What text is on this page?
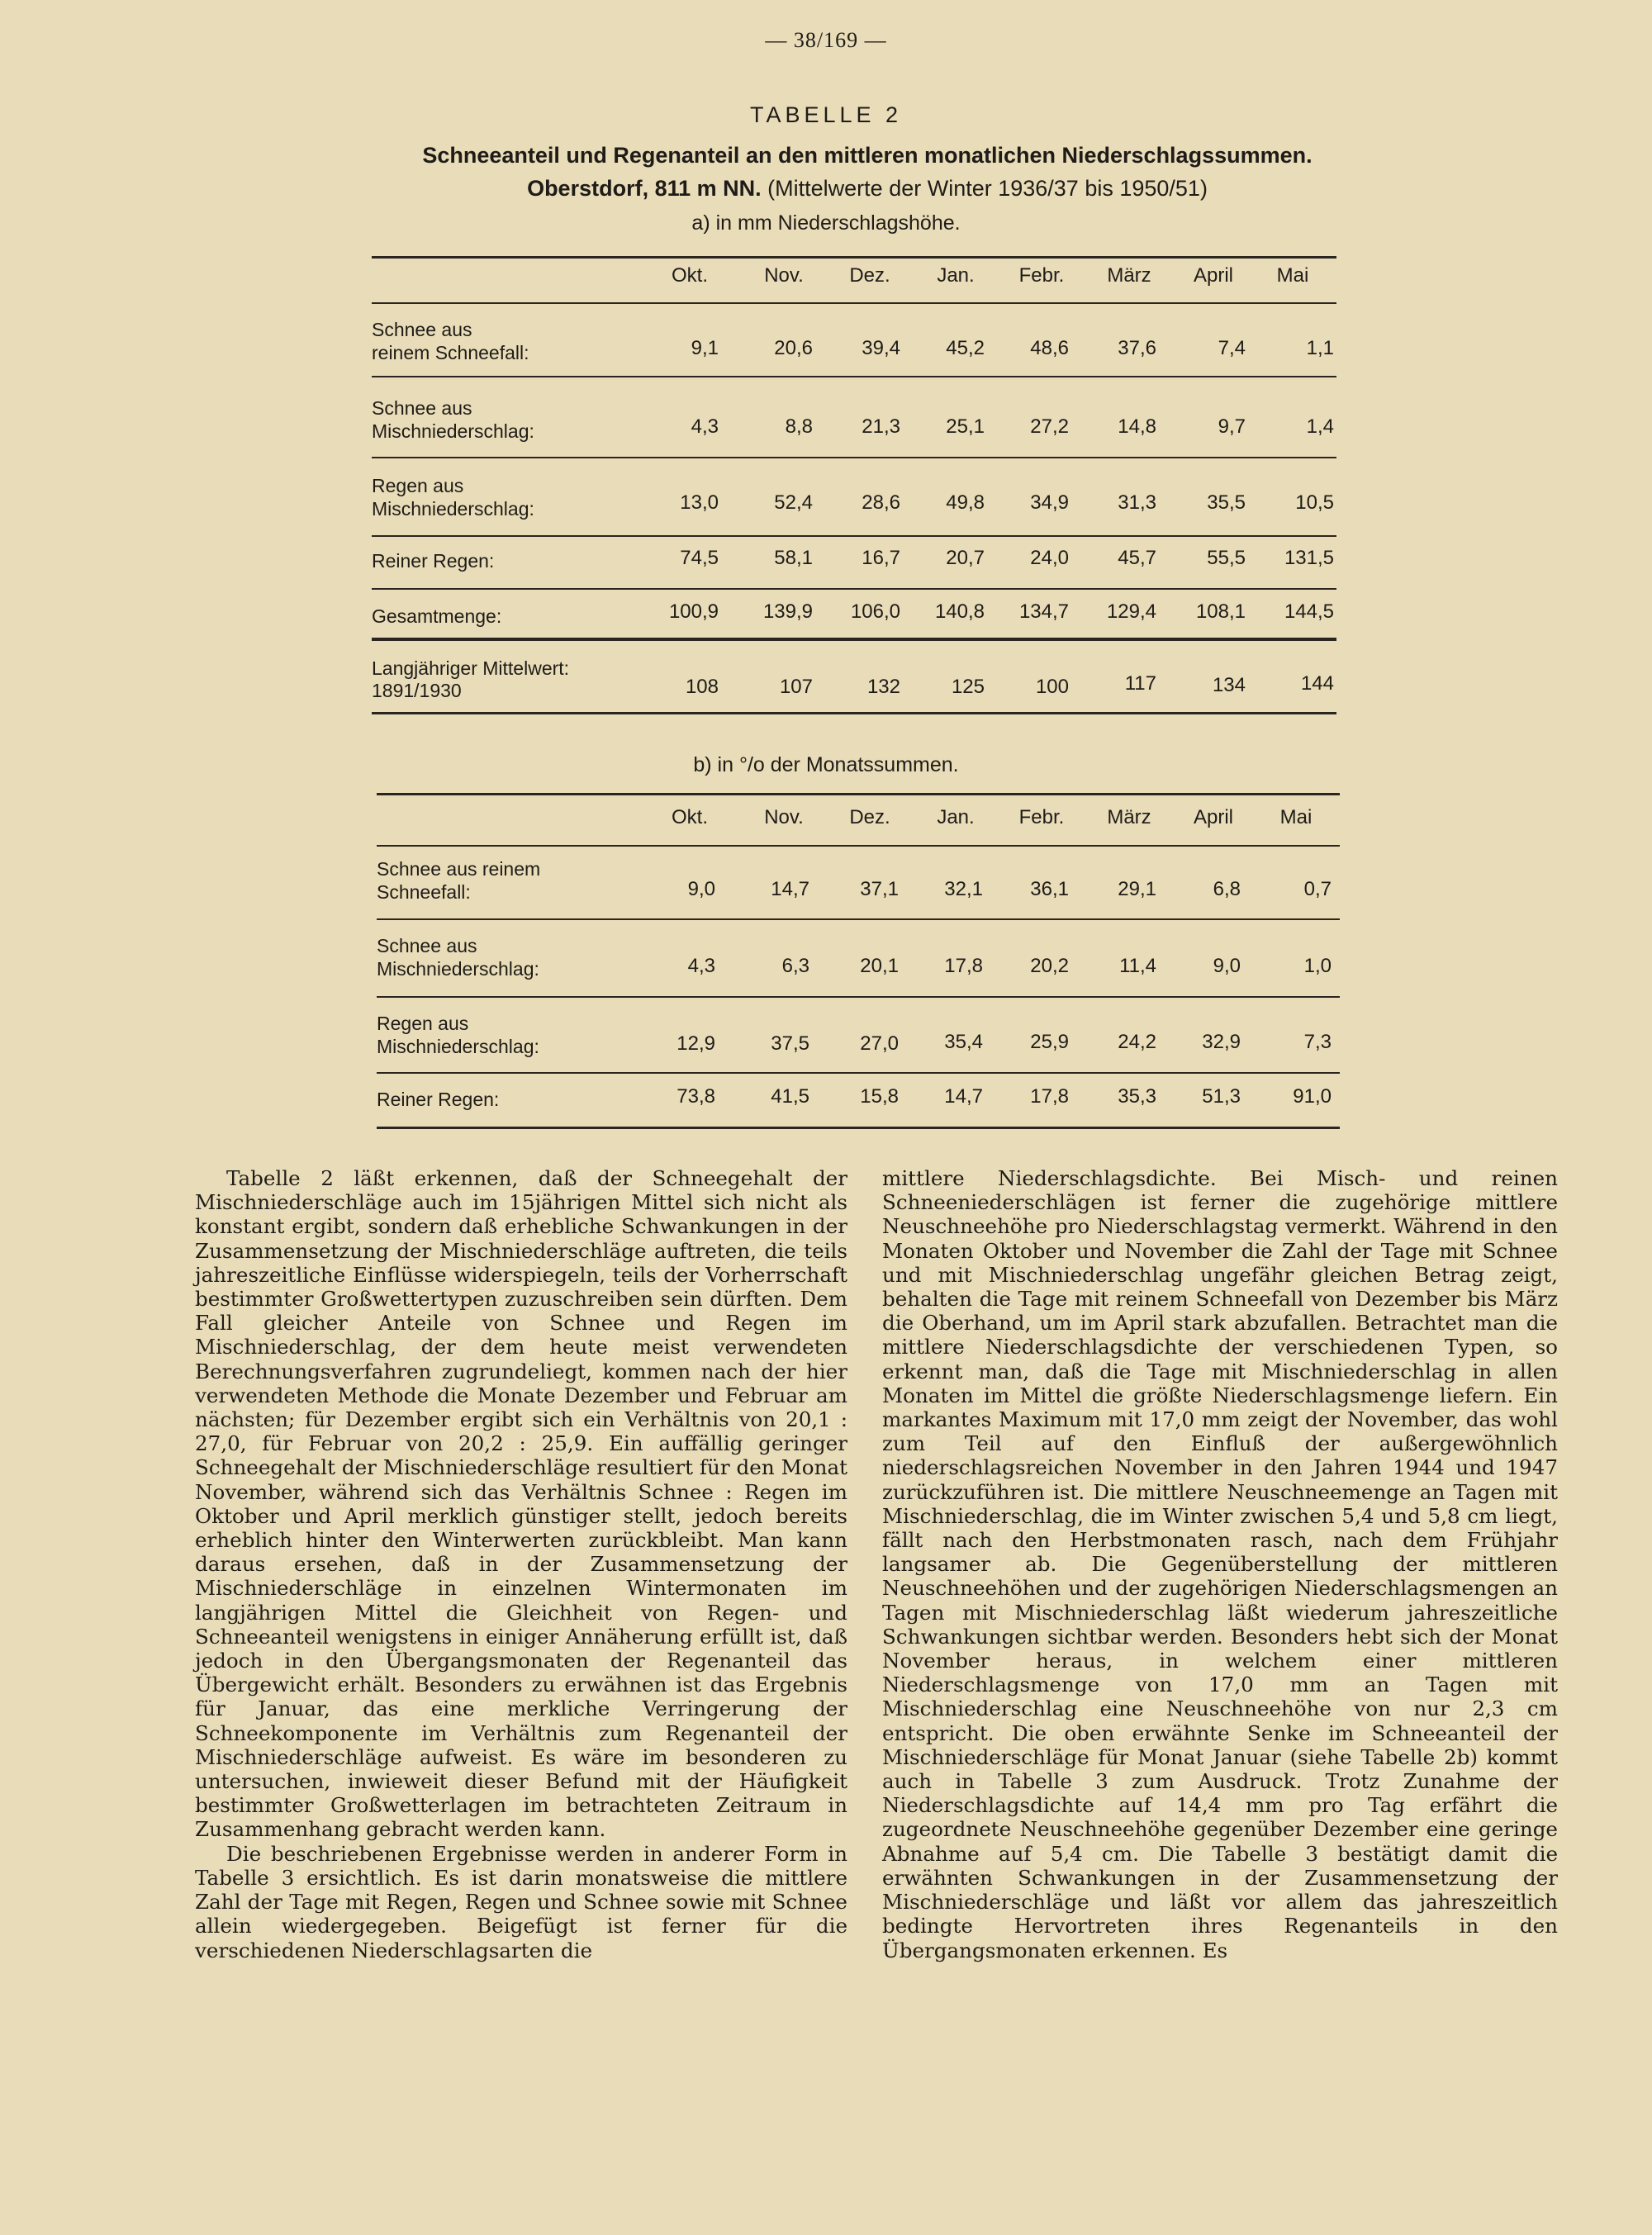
— 38/169 —
TABELLE 2
Schneeanteil und Regenanteil an den mittleren monatlichen Niederschlagssummen. Oberstdorf, 811 m NN. (Mittelwerte der Winter 1936/37 bis 1950/51)
a) in mm Niederschlagshöhe.
Okt.	Nov.	Dez.	Jan.	Febr.	März	April	Mai
Schnee aus
reinem Schneefall:	9,1	20,6	39,4	45,2	48,6	37,6	7,4	1,1
Schnee aus
Mischniederschlag:	4,3	8,8	21,3	25,1	27,2	14,8	9,7	1,4
Regen aus
Mischniederschlag:	13,0	52,4	28,6	49,8	34,9	31,3	35,5	10,5
Reiner Regen:	74,5	58,1	16,7	20,7	24,0	45,7	55,5	131,5
Gesamtmenge:	100,9	139,9	106,0	140,8	134,7	129,4	108,1	144,5
Langjähriger Mittelwert:
1891/1930	108	107	132	125	100	117	134	144
b) in °/o der Monatssummen.
Okt.	Nov.	Dez.	Jan.	Febr.	März	April	Mai
Schnee aus reinem
Schneefall:	9,0	14,7	37,1	32,1	36,1	29,1	6,8	0,7
Schnee aus
Mischniederschlag:	4,3	6,3	20,1	17,8	20,2	11,4	9,0	1,0
Regen aus
Mischniederschlag:	12,9	37,5	27,0	35,4	25,9	24,2	32,9	7,3
Reiner Regen:	73,8	41,5	15,8	14,7	17,8	35,3	51,3	91,0

Tabelle 2 läßt erkennen, daß der Schneegehalt der Mischniederschläge auch im 15jährigen Mittel sich nicht als konstant ergibt, sondern daß erhebliche Schwankungen in der Zusammensetzung der Mischniederschläge auftreten, die teils jahreszeitliche Einflüsse widerspiegeln, teils der Vorherrschaft bestimmter Großwettertypen zuzuschreiben sein dürften. Dem Fall gleicher Anteile von Schnee und Regen im Mischniederschlag, der dem heute meist verwendeten Berechnungsverfahren zugrundeliegt, kommen nach der hier verwendeten Methode die Monate Dezember und Februar am nächsten; für Dezember ergibt sich ein Verhältnis von 20,1 : 27,0, für Februar von 20,2 : 25,9. Ein auffällig geringer Schneegehalt der Mischniederschläge resultiert für den Monat November, während sich das Verhältnis Schnee : Regen im Oktober und April merklich günstiger stellt, jedoch bereits erheblich hinter den Winterwerten zurückbleibt. Man kann daraus ersehen, daß in der Zusammensetzung der Mischniederschläge in einzelnen Wintermonaten im langjährigen Mittel die Gleichheit von Regen- und Schneeanteil wenigstens in einiger Annäherung erfüllt ist, daß jedoch in den Übergangsmonaten der Regenanteil das Übergewicht erhält. Besonders zu erwähnen ist das Ergebnis für Januar, das eine merkliche Verringerung der Schneekomponente im Verhältnis zum Regenanteil der Mischniederschläge aufweist. Es wäre im besonderen zu untersuchen, inwieweit dieser Befund mit der Häufigkeit bestimmter Großwetterlagen im betrachteten Zeitraum in Zusammenhang gebracht werden kann.

Die beschriebenen Ergebnisse werden in anderer Form in Tabelle 3 ersichtlich. Es ist darin monatsweise die mittlere Zahl der Tage mit Regen, Regen und Schnee sowie mit Schnee allein wiedergegeben. Beigefügt ist ferner für die verschiedenen Niederschlagsarten die

mittlere Niederschlagsdichte. Bei Misch- und reinen Schneeniederschlägen ist ferner die zugehörige mittlere Neuschneehöhe pro Niederschlagstag vermerkt. Während in den Monaten Oktober und November die Zahl der Tage mit Schnee und mit Mischniederschlag ungefähr gleichen Betrag zeigt, behalten die Tage mit reinem Schneefall von Dezember bis März die Oberhand, um im April stark abzufallen. Betrachtet man die mittlere Niederschlagsdichte der verschiedenen Typen, so erkennt man, daß die Tage mit Mischniederschlag in allen Monaten im Mittel die größte Niederschlagsmenge liefern. Ein markantes Maximum mit 17,0 mm zeigt der November, das wohl zum Teil auf den Einfluß der außergewöhnlich niederschlagsreichen November in den Jahren 1944 und 1947 zurückzuführen ist. Die mittlere Neuschneemenge an Tagen mit Mischniederschlag, die im Winter zwischen 5,4 und 5,8 cm liegt, fällt nach den Herbstmonaten rasch, nach dem Frühjahr langsamer ab. Die Gegenüberstellung der mittleren Neuschneehöhen und der zugehörigen Niederschlagsmengen an Tagen mit Mischniederschlag läßt wiederum jahreszeitliche Schwankungen sichtbar werden. Besonders hebt sich der Monat November heraus, in welchem einer mittleren Niederschlagsmenge von 17,0 mm an Tagen mit Mischniederschlag eine Neuschneehöhe von nur 2,3 cm entspricht. Die oben erwähnte Senke im Schneeanteil der Mischniederschläge für Monat Januar (siehe Tabelle 2b) kommt auch in Tabelle 3 zum Ausdruck. Trotz Zunahme der Niederschlagsdichte auf 14,4 mm pro Tag erfährt die zugeordnete Neuschneehöhe gegenüber Dezember eine geringe Abnahme auf 5,4 cm. Die Tabelle 3 bestätigt damit die erwähnten Schwankungen in der Zusammensetzung der Mischniederschläge und läßt vor allem das jahreszeitlich bedingte Hervortreten ihres Regenanteils in den Übergangsmonaten erkennen. Es
